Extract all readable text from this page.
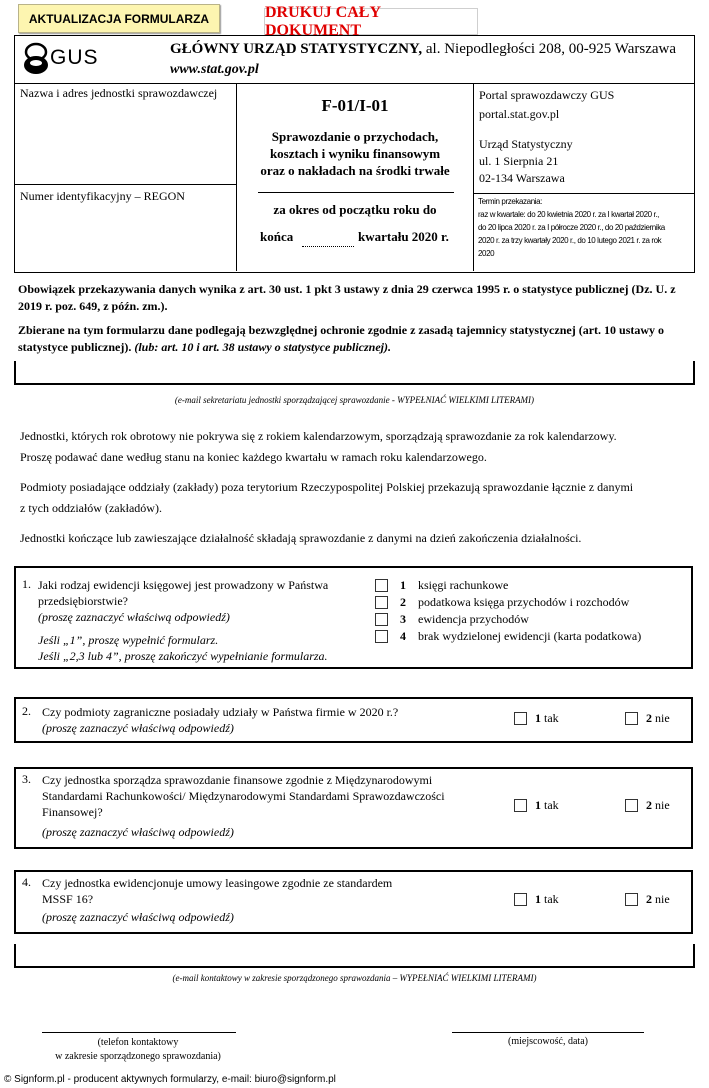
AKTUALIZACJA FORMULARZA	DRUKUJ CAŁY DOKUMENT
GUS	GŁÓWNY URZĄD STATYSTYCZNY, al. Niepodległości 208, 00-925 Warszawa
www.stat.gov.pl
Nazwa i adres jednostki sprawozdawczej
Numer identyfikacyjny – REGON
F-01/I-01
Sprawozdanie o przychodach,
kosztach i wyniku finansowym
oraz o nakładach na środki trwałe
za okres od początku roku do
końca	kwartału 2020 r.
Portal sprawozdawczy GUS
portal.stat.gov.pl
Urząd Statystyczny
ul. 1 Sierpnia 21
02-134 Warszawa
Termin przekazania:
raz w kwartale: do 20 kwietnia 2020 r. za I kwartał 2020 r.,
do 20 lipca 2020 r. za I półrocze 2020 r., do 20 października
2020 r. za trzy kwartały 2020 r., do 10 lutego 2021 r. za rok
2020
Obowiązek przekazywania danych wynika z art. 30 ust. 1 pkt 3 ustawy z dnia 29 czerwca 1995 r. o statystyce publicznej (Dz. U. z
2019 r. poz. 649, z późn. zm.).
Zbierane na tym formularzu dane podlegają bezwzględnej ochronie zgodnie z zasadą tajemnicy statystycznej (art. 10 ustawy o
statystyce publicznej). (lub: art. 10 i art. 38 ustawy o statystyce publicznej).
(e-mail sekretariatu jednostki sporządzającej sprawozdanie - WYPEŁNIAĆ WIELKIMI LITERAMI)
Jednostki, których rok obrotowy nie pokrywa się z rokiem kalendarzowym, sporządzają sprawozdanie za rok kalendarzowy.
Proszę podawać dane według stanu na koniec każdego kwartału w ramach roku kalendarzowego.
Podmioty posiadające oddziały (zakłady) poza terytorium Rzeczypospolitej Polskiej przekazują sprawozdanie łącznie z danymi
z tych oddziałów (zakładów).
Jednostki kończące lub zawieszające działalność składają sprawozdanie z danymi na dzień zakończenia działalności.
1. Jaki rodzaj ewidencji księgowej jest prowadzony w Państwa
przedsiębiorstwie?
(proszę zaznaczyć właściwą odpowiedź)
Jeśli „1”, proszę wypełnić formularz.
Jeśli „2,3 lub 4”, proszę zakończyć wypełnianie formularza.
1	księgi rachunkowe
2	podatkowa księga przychodów i rozchodów
3	ewidencja przychodów
4	brak wydzielonej ewidencji (karta podatkowa)
2. Czy podmioty zagraniczne posiadały udziały w Państwa firmie w 2020 r.?
(proszę zaznaczyć właściwą odpowiedź)
1
tak	2
nie
3. Czy jednostka sporządza sprawozdanie finansowe zgodnie z Międzynarodowymi
Standardami Rachunkowości/ Międzynarodowymi Standardami Sprawozdawczości
Finansowej?
(proszę zaznaczyć właściwą odpowiedź)
1
tak	2
nie
4. Czy jednostka ewidencjonuje umowy leasingowe zgodnie ze standardem
MSSF 16?
(proszę zaznaczyć właściwą odpowiedź)
1
tak	2
nie
(e-mail kontaktowy w zakresie sporządzonego sprawozdania – WYPEŁNIAĆ WIELKIMI LITERAMI)
(telefon kontaktowy
w zakresie sporządzonego sprawozdania)
(miejscowość, data)
© Signform.pl - producent aktywnych formularzy, e-mail: biuro@signform.pl
